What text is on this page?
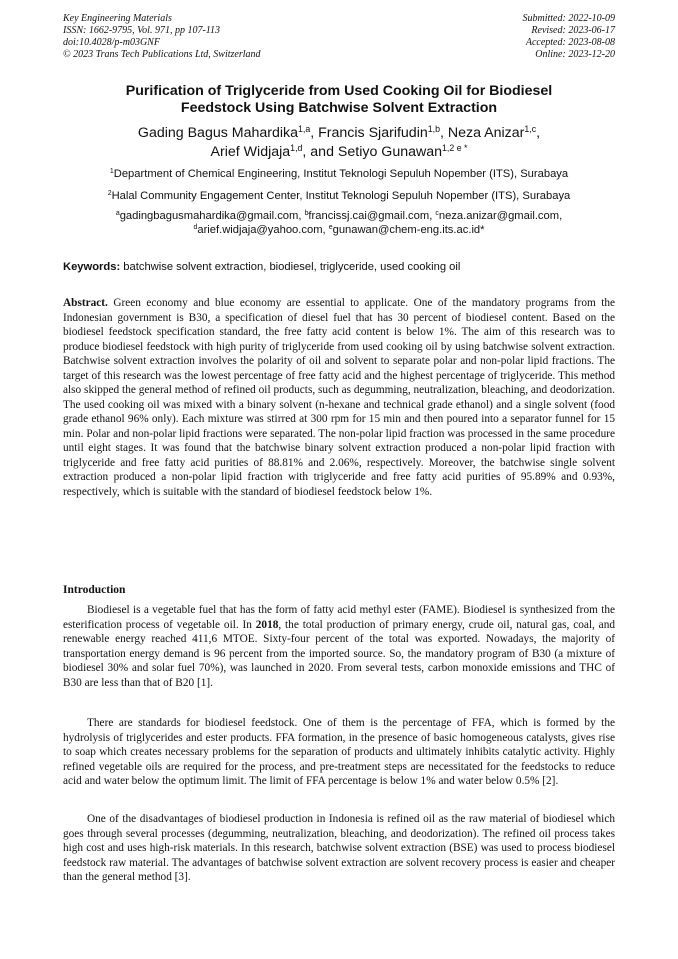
Key Engineering Materials
ISSN: 1662-9795, Vol. 971, pp 107-113
doi:10.4028/p-m03GNF
© 2023 Trans Tech Publications Ltd, Switzerland
Submitted: 2022-10-09
Revised: 2023-06-17
Accepted: 2023-08-08
Online: 2023-12-20
Purification of Triglyceride from Used Cooking Oil for Biodiesel
Feedstock Using Batchwise Solvent Extraction
Gading Bagus Mahardika$^{1,a}$, Francis Sjarifudin$^{1,b}$, Neza Anizar$^{1,c}$,
Arief Widjaja$^{1,d}$, and Setiyo Gunawan$^{1,2 e *}$
$^1$Department of Chemical Engineering, Institut Teknologi Sepuluh Nopember (ITS), Surabaya
$^2$Halal Community Engagement Center, Institut Teknologi Sepuluh Nopember (ITS), Surabaya
$^a$gadingbagusmahardika@gmail.com, $^b$francissj.cai@gmail.com, $^c$neza.anizar@gmail.com,
$^d$arief.widjaja@yahoo.com, $^e$gunawan@chem-eng.its.ac.id*
Keywords: batchwise solvent extraction, biodiesel, triglyceride, used cooking oil
Abstract. Green economy and blue economy are essential to applicate. One of the mandatory programs from the Indonesian government is B30, a specification of diesel fuel that has 30 percent of biodiesel content. Based on the biodiesel feedstock specification standard, the free fatty acid content is below 1%. The aim of this research was to produce biodiesel feedstock with high purity of triglyceride from used cooking oil by using batchwise solvent extraction. Batchwise solvent extraction involves the polarity of oil and solvent to separate polar and non-polar lipid fractions. The target of this research was the lowest percentage of free fatty acid and the highest percentage of triglyceride. This method also skipped the general method of refined oil products, such as degumming, neutralization, bleaching, and deodorization. The used cooking oil was mixed with a binary solvent (n-hexane and technical grade ethanol) and a single solvent (food grade ethanol 96% only). Each mixture was stirred at 300 rpm for 15 min and then poured into a separator funnel for 15 min. Polar and non-polar lipid fractions were separated. The non-polar lipid fraction was processed in the same procedure until eight stages. It was found that the batchwise binary solvent extraction produced a non-polar lipid fraction with triglyceride and free fatty acid purities of 88.81% and 2.06%, respectively. Moreover, the batchwise single solvent extraction produced a non-polar lipid fraction with triglyceride and free fatty acid purities of 95.89% and 0.93%, respectively, which is suitable with the standard of biodiesel feedstock below 1%.
Introduction
Biodiesel is a vegetable fuel that has the form of fatty acid methyl ester (FAME). Biodiesel is synthesized from the esterification process of vegetable oil. In 2018, the total production of primary energy, crude oil, natural gas, coal, and renewable energy reached 411,6 MTOE. Sixty-four percent of the total was exported. Nowadays, the majority of transportation energy demand is 96 percent from the imported source. So, the mandatory program of B30 (a mixture of biodiesel 30% and solar fuel 70%), was launched in 2020. From several tests, carbon monoxide emissions and THC of B30 are less than that of B20 [1].
There are standards for biodiesel feedstock. One of them is the percentage of FFA, which is formed by the hydrolysis of triglycerides and ester products. FFA formation, in the presence of basic homogeneous catalysts, gives rise to soap which creates necessary problems for the separation of products and ultimately inhibits catalytic activity. Highly refined vegetable oils are required for the process, and pre-treatment steps are necessitated for the feedstocks to reduce acid and water below the optimum limit. The limit of FFA percentage is below 1% and water below 0.5% [2].
One of the disadvantages of biodiesel production in Indonesia is refined oil as the raw material of biodiesel which goes through several processes (degumming, neutralization, bleaching, and deodorization). The refined oil process takes high cost and uses high-risk materials. In this research, batchwise solvent extraction (BSE) was used to process biodiesel feedstock raw material. The advantages of batchwise solvent extraction are solvent recovery process is easier and cheaper than the general method [3].
